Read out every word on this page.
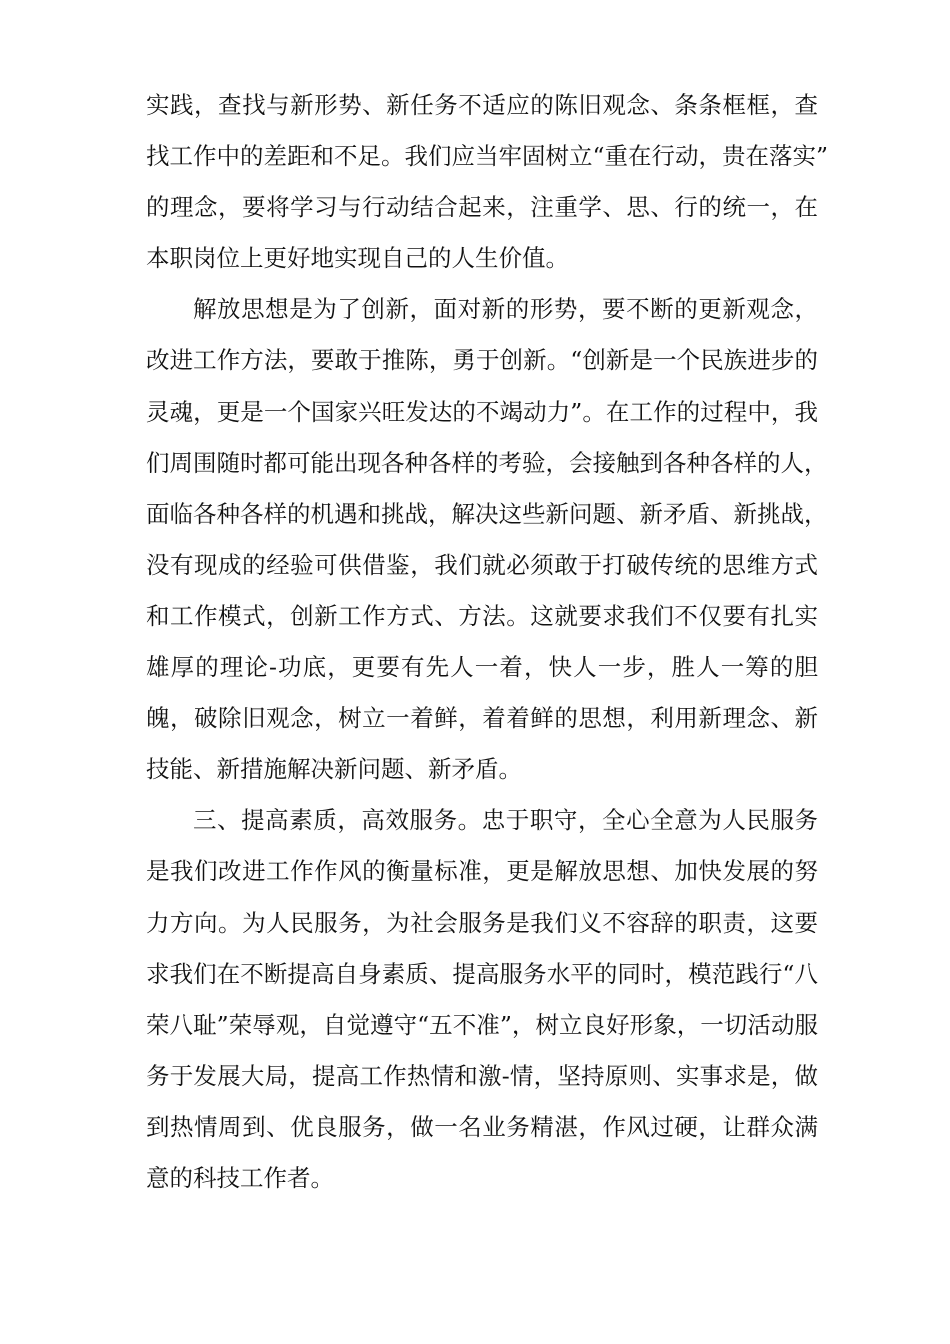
实践，查找与新形势、新任务不适应的陈旧观念、条条框框，查
找工作中的差距和不足。我们应当牢固树立“重在行动，贵在落实”
的理念，要将学习与行动结合起来，注重学、思、行的统一，在
本职岗位上更好地实现自己的人生价值。
解放思想是为了创新，面对新的形势，要不断的更新观念，
改进工作方法，要敢于推陈，勇于创新。“创新是一个民族进步的
灵魂，更是一个国家兴旺发达的不竭动力”。在工作的过程中，我
们周围随时都可能出现各种各样的考验，会接触到各种各样的人，
面临各种各样的机遇和挑战，解决这些新问题、新矛盾、新挑战，
没有现成的经验可供借鉴，我们就必须敢于打破传统的思维方式
和工作模式，创新工作方式、方法。这就要求我们不仅要有扎实
雄厚的理论-功底，更要有先人一着，快人一步，胜人一筹的胆
魄，破除旧观念，树立一着鲜，着着鲜的思想，利用新理念、新
技能、新措施解决新问题、新矛盾。
三、提高素质，高效服务。忠于职守，全心全意为人民服务
是我们改进工作作风的衡量标准，更是解放思想、加快发展的努
力方向。为人民服务，为社会服务是我们义不容辞的职责，这要
求我们在不断提高自身素质、提高服务水平的同时，模范践行“八
荣八耻”荣辱观，自觉遵守“五不准”，树立良好形象，一切活动服
务于发展大局，提高工作热情和激-情，坚持原则、实事求是，做
到热情周到、优良服务，做一名业务精湛，作风过硬，让群众满
意的科技工作者。
